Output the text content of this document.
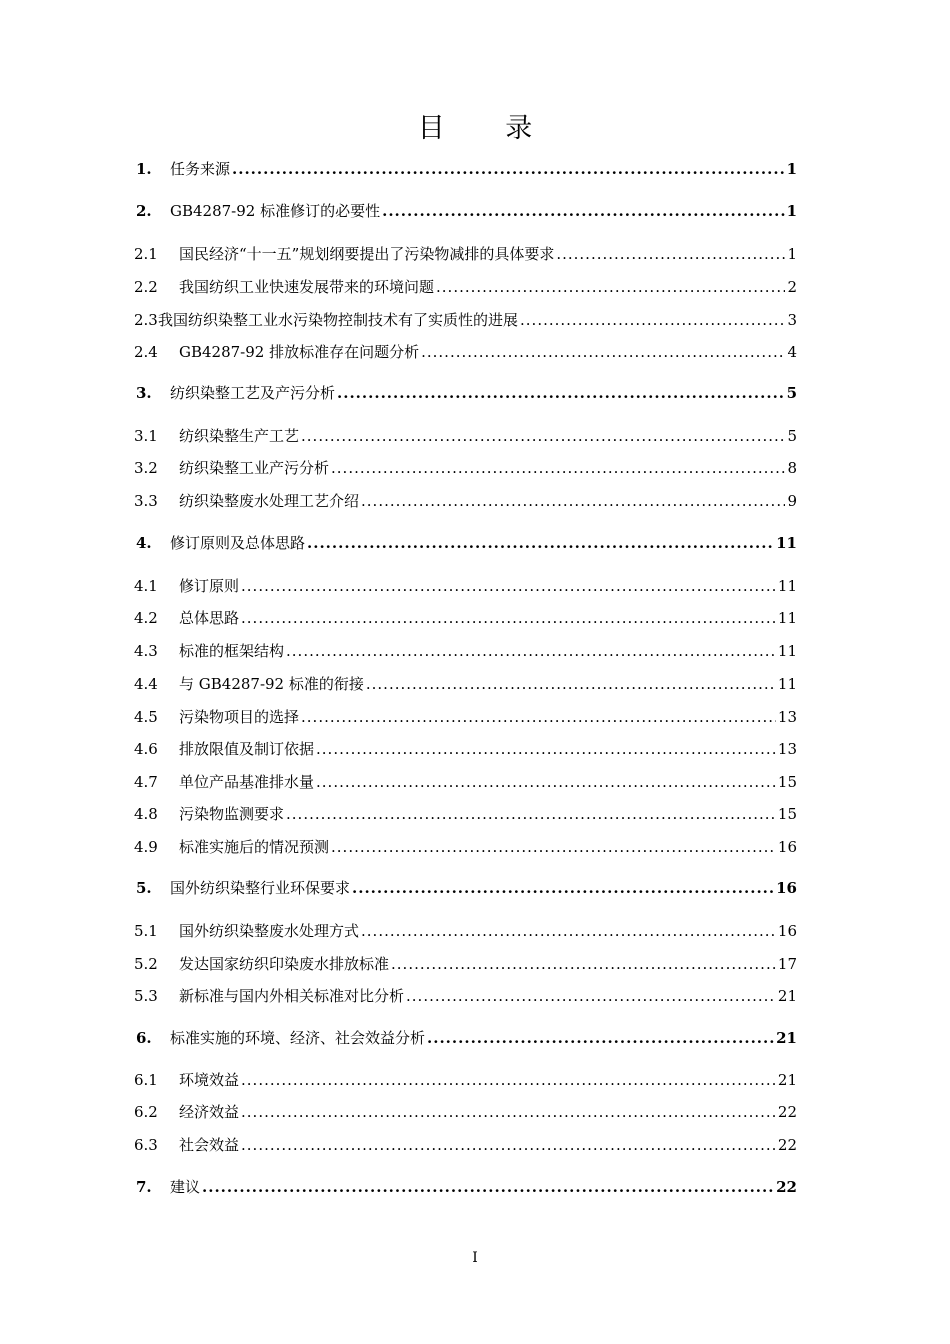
目 录
1.	任务来源 .....	1
2.	GB4287-92 标准修订的必要性 .....	1
2.1	国民经济“十一五”规划纲要提出了污染物减排的具体要求 .....	1
2.2	我国纺织工业快速发展带来的环境问题 .....	2
2.3 我国纺织染整工业水污染物控制技术有了实质性的进展 .....	3
2.4	GB4287-92 排放标准存在问题分析 .....	4
3.	纺织染整工艺及产污分析 .....	5
3.1	纺织染整生产工艺 .....	5
3.2	纺织染整工业产污分析 .....	8
3.3	纺织染整废水处理工艺介绍 .....	9
4.	修订原则及总体思路 .....	11
4.1	修订原则 .....	11
4.2	总体思路 .....	11
4.3	标准的框架结构 .....	11
4.4	与 GB4287-92 标准的衔接 .....	11
4.5	污染物项目的选择 .....	13
4.6	排放限值及制订依据 .....	13
4.7	单位产品基准排水量 .....	15
4.8	污染物监测要求 .....	15
4.9	标准实施后的情况预测 .....	16
5.	国外纺织染整行业环保要求 .....	16
5.1	国外纺织染整废水处理方式 .....	16
5.2	发达国家纺织印染废水排放标准 .....	17
5.3	新标准与国内外相关标准对比分析 .....	21
6.	标准实施的环境、经济、社会效益分析 .....	21
6.1	环境效益 .....	21
6.2	经济效益 .....	22
6.3	社会效益 .....	22
7.	建议 .....	22
I
